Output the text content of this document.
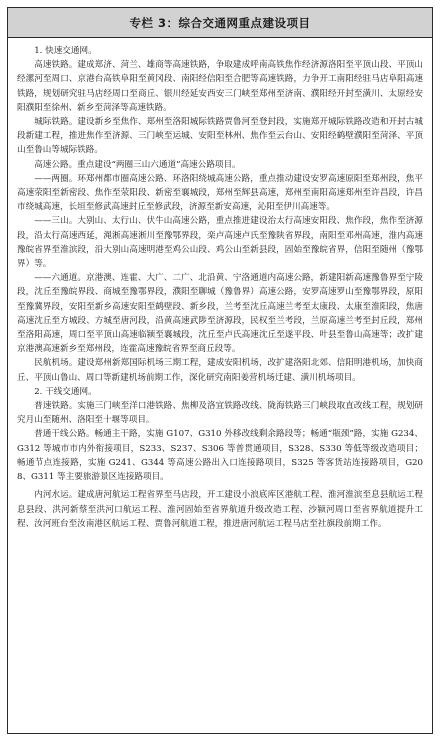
专栏 3：综合交通网重点建设项目

1. 快速交通网。

高速铁路。建成郑济、菏兰、雄商等高速铁路，争取建成呼南高铁焦作经济源洛阳至平顶山段、平顶山经漯河至周口、京港台高铁阜阳至黄冈段、南阳经信阳至合肥等高速铁路，力争开工南阳经驻马店阜阳高速铁路，规划研究驻马店经周口至商丘、银川经延安西安三门峡至郑州至济南、濮阳经开封至潢川、太原经安阳濮阳至徐州、新乡至菏泽等高速铁路。

城际铁路。建设新乡至焦作、郑州至洛阳城际铁路贾鲁河至登封段，实施郑开城际铁路改造和开封古城段新建工程，推进焦作至济源、三门峡至运城、安阳至林州、焦作至云台山、安阳经鹤壁濮阳至菏泽、平顶山至鲁山等城际铁路。

高速公路。重点建设“两圈三山六通道”高速公路项目。

——两圈。环郑州都市圈高速公路、环洛阳绕城高速公路，重点推动建设安罗高速原阳至郑州段，焦平高速荥阳至新密段、焦作至荥阳段、新密至襄城段，郑州至辉县高速，郑州至南阳高速郑州至许昌段，许昌市绕城高速，长垣至修武高速封丘至修武段，济源至新安高速，沁阳至伊川高速等。

——三山。大别山、太行山、伏牛山高速公路，重点推进建设治太行高速安阳段、焦作段，焦作至济源段，沿太行高速西延，渑淅高速淅川至豫鄂界段，栾卢高速卢氏至豫陕省界段，南阳至邓州高速，淮内高速豫皖省界至淮滨段，沿大别山高速明港至鸡公山段、鸡公山至新县段，固始至豫皖省界，信阳至随州（豫鄂界）等。

——六通道。京港澳、连霍、大广、二广、北沿黄、宁洛通道内高速公路，新建阳新高速豫鲁界至宁陵段，沈丘至豫皖界段、商城至豫鄂界段，濮阳至聊城（豫鲁界）高速公路，安罗高速罗山至豫鄂界段，原阳至豫冀界段，安阳至新乡高速安阳至鹤壁段、新乡段，兰考至沈丘高速兰考至太康段、太康至淮阳段，焦唐高速沈丘至方城段、方城至唐河段，沿黄高速武陟至济源段，民权至兰考段，兰原高速兰考至封丘段，郑州至洛阳高速，周口至平顶山高速临颍至襄城段，沈丘至卢氏高速沈丘至遂平段、叶县至鲁山高速等；改扩建京港澳高速新乡至郑州段，连霍高速豫皖省界至商丘段等。

民航机场。建设郑州新郑国际机场三期工程，建成安阳机场，改扩建洛阳北郊、信阳明港机场，加快商丘、平顶山鲁山、周口等新建机场前期工作，深化研究南阳姜营机场迁建、潢川机场项目。

2. 干线交通网。

普速铁路。实施三门峡至洋口港铁路、焦柳及洛宜铁路改线、陇海铁路三门峡段取直改线工程，规划研究月山至随州、洛阳至十堰等项目。

普通干线公路。畅通主干路，实施 G107、G310 外移改线剩余路段等；畅通“瓶颈”路，实施 G234、G312 等城市市内外衔接项目，S233、S237、S306 等普贯通项目，S328、S330 等低等级改造项目；畅通节点连接路，实施 G241、G344 等高速公路出入口连接路项目，S325 等客货站连接路项目，G208、G311 等主要旅游景区连接路项目。

内河水运。建成唐河航运工程省界至马店段，开工建设小浪底库区港航工程、淮河淮滨至息县航运工程息县段、洪河新蔡至洪河口航运工程、淮河固始至省界航道升级改造工程、沙颍河周口至省界航道提升工程、汝河班台至汝南港区航运工程、贾鲁河航道工程，推进唐河航运工程马店至社旗段前期工作。
